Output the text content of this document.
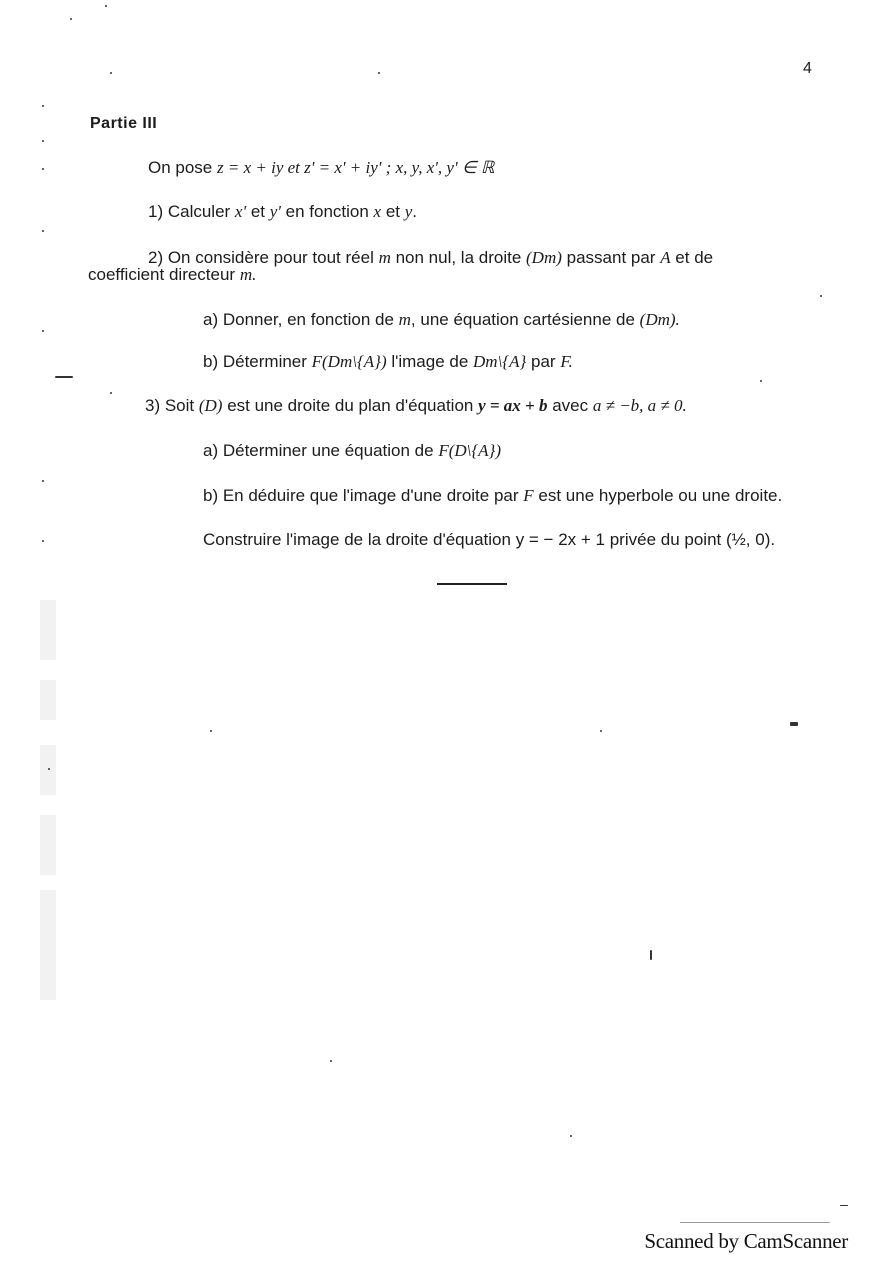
4
Partie III
On pose z = x + iy et z' = x' + iy' ; x, y, x', y' ∈ ℝ
1) Calculer x' et y' en fonction x et y.
2) On considère pour tout réel m non nul, la droite (Dm) passant par A et de
coefficient directeur m.
a) Donner, en fonction de m, une équation cartésienne de (Dm).
b) Déterminer F(Dm\{A}) l'image de Dm\{A} par F.
3) Soit (D) est une droite du plan d'équation y = ax + b avec a ≠ −b, a ≠ 0.
a) Déterminer une équation de F(D\{A})
b) En déduire que l'image d'une droite par F est une hyperbole ou une droite.
Construire l'image de la droite d'équation y = − 2x + 1 privée du point (½, 0).
Scanned by CamScanner
